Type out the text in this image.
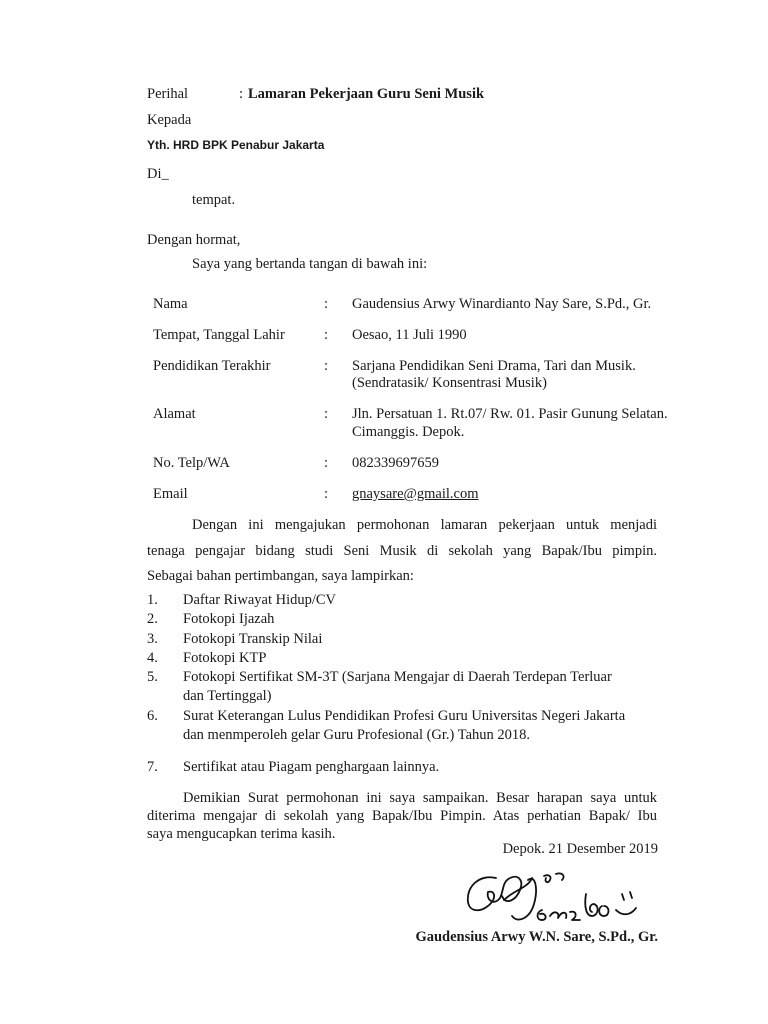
Perihal	: Lamaran Pekerjaan Guru Seni Musik
Kepada
Yth. HRD BPK Penabur Jakarta
Di_
tempat.
Dengan hormat,
Saya yang bertanda tangan di bawah ini:
Nama	: Gaudensius Arwy Winardianto Nay Sare, S.Pd., Gr.
Tempat, Tanggal Lahir	: Oesao, 11 Juli 1990
Pendidikan Terakhir	: Sarjana Pendidikan Seni Drama, Tari dan Musik.
(Sendratasik/ Konsentrasi Musik)
Alamat	: Jln. Persatuan 1. Rt.07/ Rw. 01. Pasir Gunung Selatan.
Cimanggis. Depok.
No. Telp/WA	: 082339697659
Email	: gnaysare@gmail.com
Dengan ini mengajukan permohonan lamaran pekerjaan untuk menjadi
tenaga pengajar bidang studi Seni Musik di sekolah yang Bapak/Ibu pimpin.
Sebagai bahan pertimbangan, saya lampirkan:
1. Daftar Riwayat Hidup/CV
2. Fotokopi Ijazah
3. Fotokopi Transkip Nilai
4. Fotokopi KTP
5. Fotokopi Sertifikat SM-3T (Sarjana Mengajar di Daerah Terdepan Terluar
dan Tertinggal)
6. Surat Keterangan Lulus Pendidikan Profesi Guru Universitas Negeri Jakarta
dan menmperoleh gelar Guru Profesional (Gr.) Tahun 2018.
7. Sertifikat atau Piagam penghargaan lainnya.
Demikian Surat permohonan ini saya sampaikan. Besar harapan saya untuk
diterima mengajar di sekolah yang Bapak/Ibu Pimpin. Atas perhatian Bapak/ Ibu
saya mengucapkan terima kasih.
Depok. 21 Desember 2019
Gaudensius Arwy W.N. Sare, S.Pd., Gr.
